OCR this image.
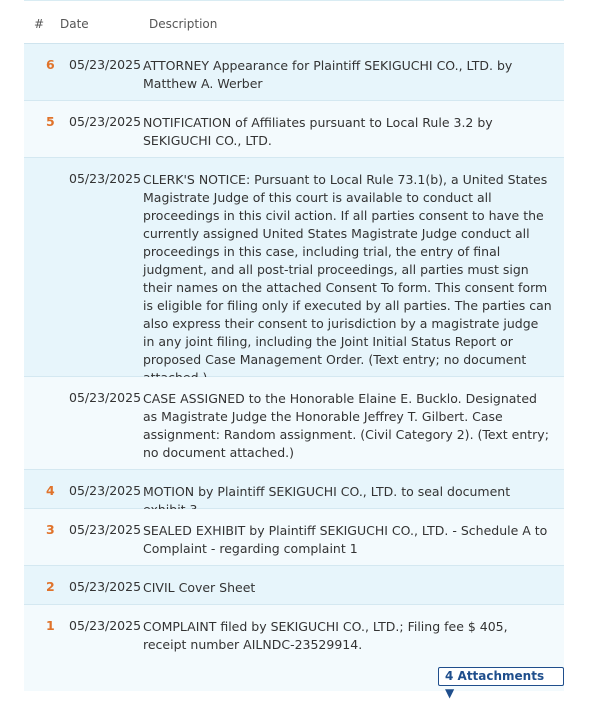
# Date	Description
6 05/23/2025 ATTORNEY Appearance for Plaintiff SEKIGUCHI CO., LTD. by Matthew A. Werber
5 05/23/2025 NOTIFICATION of Affiliates pursuant to Local Rule 3.2 by SEKIGUCHI CO., LTD.
05/23/2025 CLERK'S NOTICE: Pursuant to Local Rule 73.1(b), a United States Magistrate Judge of this court is available to conduct all proceedings in this civil action. If all parties consent to have the currently assigned United States Magistrate Judge conduct all proceedings in this case, including trial, the entry of final judgment, and all post-trial proceedings, all parties must sign their names on the attached Consent To form. This consent form is eligible for filing only if executed by all parties. The parties can also express their consent to jurisdiction by a magistrate judge in any joint filing, including the Joint Initial Status Report or proposed Case Management Order. (Text entry; no document
05/23/2025 CASE ASSIGNED to the Honorable Elaine E. Bucklo. Designated as Magistrate Judge the Honorable Jeffrey T. Gilbert. Case assignment: Random assignment. (Civil Category 2). (Text entry; no document attached.)
4 05/23/2025 MOTION by Plaintiff SEKIGUCHI CO., LTD. to seal document
3 05/23/2025 SEALED EXHIBIT by Plaintiff SEKIGUCHI CO., LTD. - Schedule A to Complaint - regarding complaint 1
2 05/23/2025 CIVIL Cover Sheet
1 05/23/2025 COMPLAINT filed by SEKIGUCHI CO., LTD.; Filing fee $ 405, receipt number AILNDC-23529914.
4 Attachments ▼
